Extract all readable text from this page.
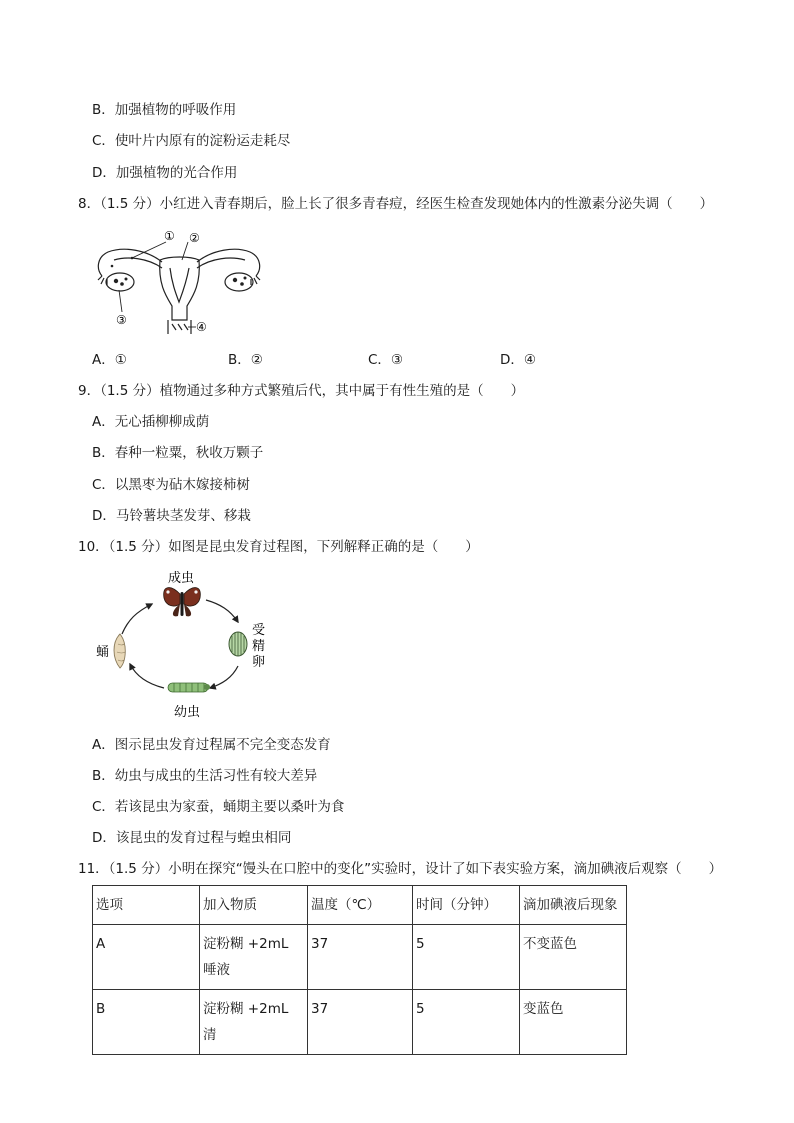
B．加强植物的呼吸作用
C．使叶片内原有的淀粉运走耗尽
D．加强植物的光合作用
8．（1.5 分）小红进入青春期后，脸上长了很多青春痘，经医生检查发现她体内的性激素分泌失调（　　）
① ②
③	④
A．①	B．②	C．③	D．④
9．（1.5 分）植物通过多种方式繁殖后代，其中属于有性生殖的是（　　）
A．无心插柳柳成荫
B．春种一粒粟，秋收万颗子
C．以黑枣为砧木嫁接柿树
D．马铃薯块茎发芽、移栽
10．（1.5 分）如图是昆虫发育过程图，下列解释正确的是（　　）
成虫
受
精
卵
幼虫
蛹
A．图示昆虫发育过程属不完全变态发育
B．幼虫与成虫的生活习性有较大差异
C．若该昆虫为家蚕，蛹期主要以桑叶为食
D．该昆虫的发育过程与蝗虫相同
11．（1.5 分）小明在探究“馒头在口腔中的变化”实验时，设计了如下表实验方案，滴加碘液后观察（　　）
选项	加入物质	温度（℃）	时间（分钟）	滴加碘液后现象
A	淀粉糊 +2mL 唾液	37	5	不变蓝色
B	淀粉糊 +2mL 清	37	5	变蓝色
